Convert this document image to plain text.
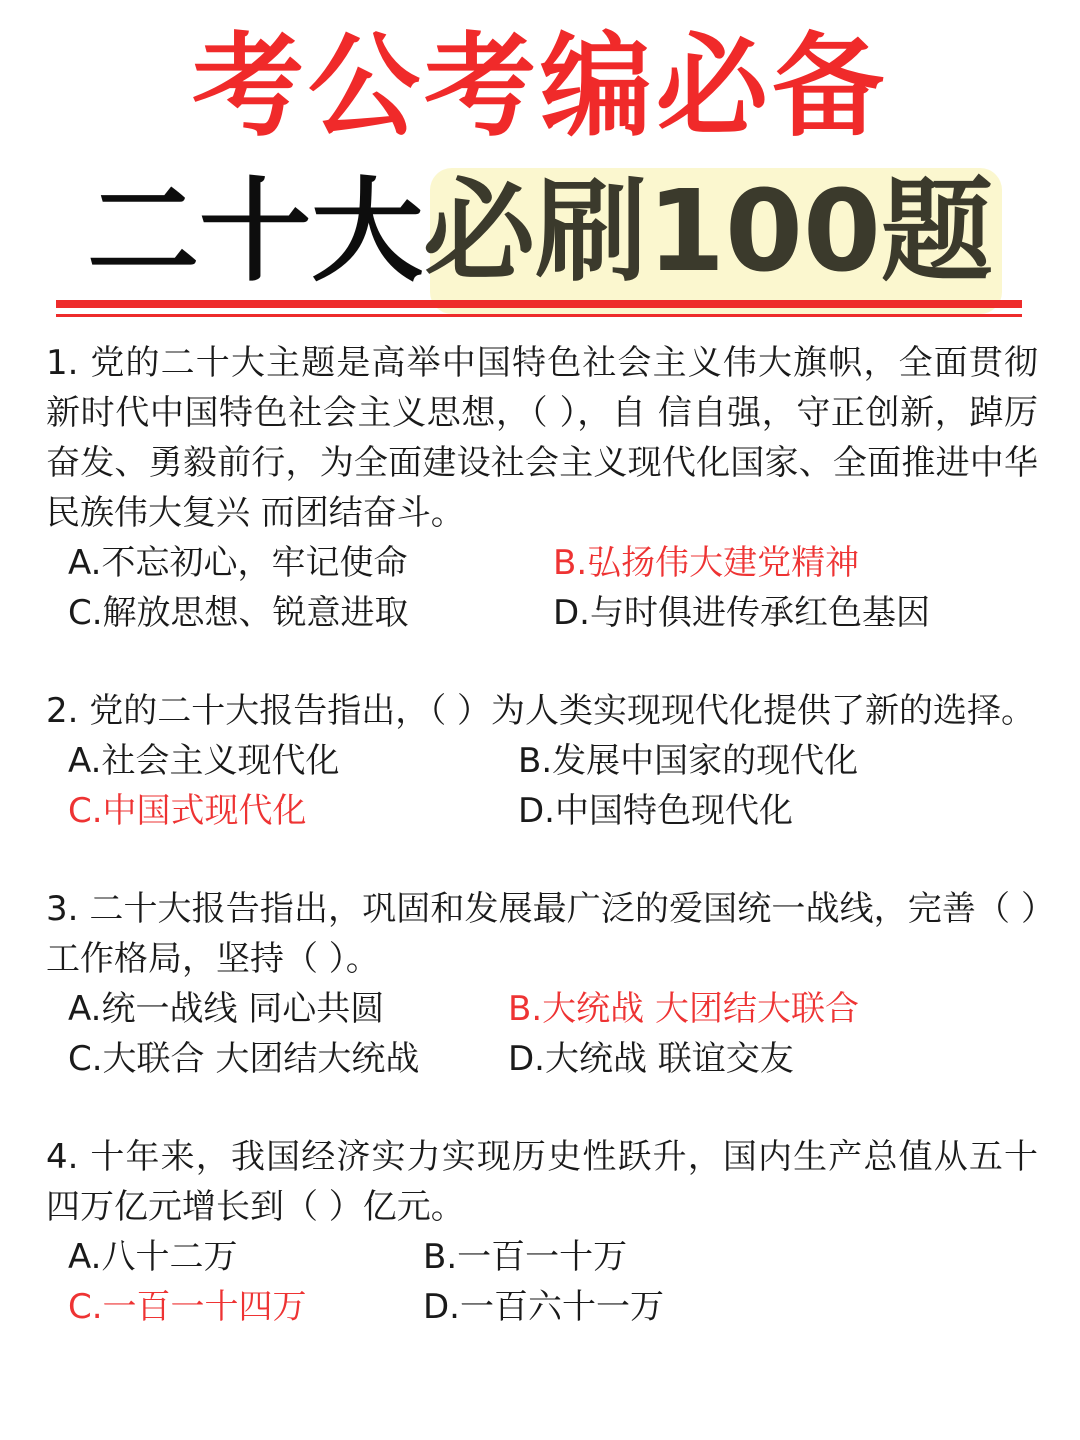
考公考编必备
二十大必刷100题

1. 党的二十大主题是高举中国特色社会主义伟大旗帜，全面贯彻新时代中国特色社会主义思想，（ ），自 信自强，守正创新，踔厉奋发、勇毅前行，为全面建设社会主义现代化国家、全面推进中华民族伟大复兴 而团结奋斗。

A.不忘初心，牢记使命	B.弘扬伟大建党精神
C.解放思想、锐意进取	D.与时俱进传承红色基因

2. 党的二十大报告指出，（ ）为人类实现现代化提供了新的选择。

A.社会主义现代化	B.发展中国家的现代化
C.中国式现代化	D.中国特色现代化

3. 二十大报告指出，巩固和发展最广泛的爱国统一战线，完善（ ）工作格局，坚持（ ）。

A.统一战线 同心共圆	B.大统战 大团结大联合
C.大联合 大团结大统战	D.大统战 联谊交友

4. 十年来，我国经济实力实现历史性跃升，国内生产总值从五十四万亿元增长到（ ）亿元。

A.八十二万	B.一百一十万
C.一百一十四万	D.一百六十一万
